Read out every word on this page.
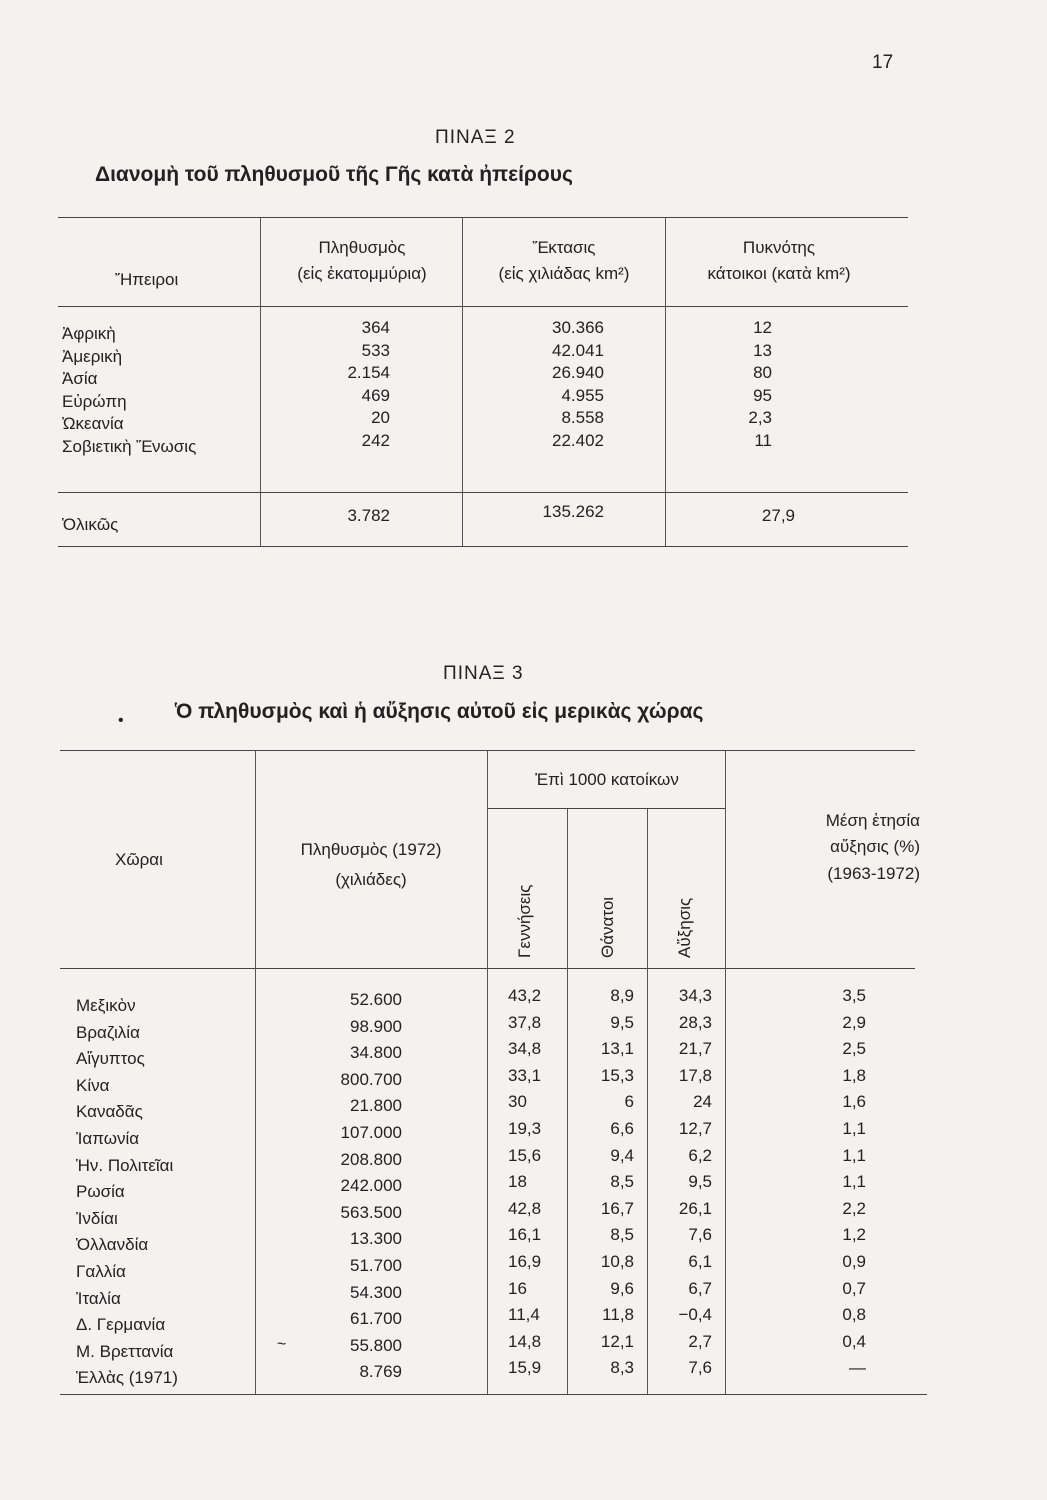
17
ΠΙΝΑΞ 2
Διανομὴ τοῦ πληθυσμοῦ τῆς Γῆς κατὰ ἠπείρους
Ἤπειροι
Πληθυσμὸς
(εἰς ἑκατομμύρια)
Ἔκτασις
(εἰς χιλιάδας km²)
Πυκνότης
κάτοικοι (κατὰ km²)
Ἀφρικὴ	364	30.366	12
Ἀμερικὴ	533	42.041	13
Ἀσία	2.154	26.940	80
Εὐρώπη	469	4.955	95
Ὠκεανία	20	8.558	2,3
Σοβιετικὴ Ἕνωσις	242	22.402	11
Ὁλικῶς	3.782	135.262	27,9
ΠΙΝΑΞ 3
• Ὁ πληθυσμὸς καὶ ἡ αὔξησις αὐτοῦ εἰς μερικὰς χώρας
Χῶραι
Πληθυσμὸς (1972)
(χιλιάδες)
Ἐπὶ 1000 κατοίκων
Γεννήσεις	Θάνατοι	Αὔξησις
Μέση ἐτησία
αὔξησις (%)
(1963-1972)
Μεξικὸν	52.600	43,2	8,9	34,3	3,5
Βραζιλία	98.900	37,8	9,5	28,3	2,9
Αἴγυπτος	34.800	34,8	13,1	21,7	2,5
Κίνα	800.700	33,1	15,3	17,8	1,8
Καναδᾶς	21.800	30	6	24	1,6
Ἰαπωνία	107.000	19,3	6,6	12,7	1,1
Ἡν. Πολιτεῖαι	208.800	15,6	9,4	6,2	1,1
Ρωσία	242.000	18	8,5	9,5	1,1
Ἰνδίαι	563.500	42,8	16,7	26,1	2,2
Ὁλλανδία	13.300	16,1	8,5	7,6	1,2
Γαλλία	51.700	16,9	10,8	6,1	0,9
Ἰταλία	54.300	16	9,6	6,7	0,7
Δ. Γερμανία	61.700	11,4	11,8	−0,4	0,8
Μ. Βρεττανία	55.800	14,8	12,1	2,7	0,4
Ἑλλὰς (1971)	8.769	15,9	8,3	7,6	—
~
